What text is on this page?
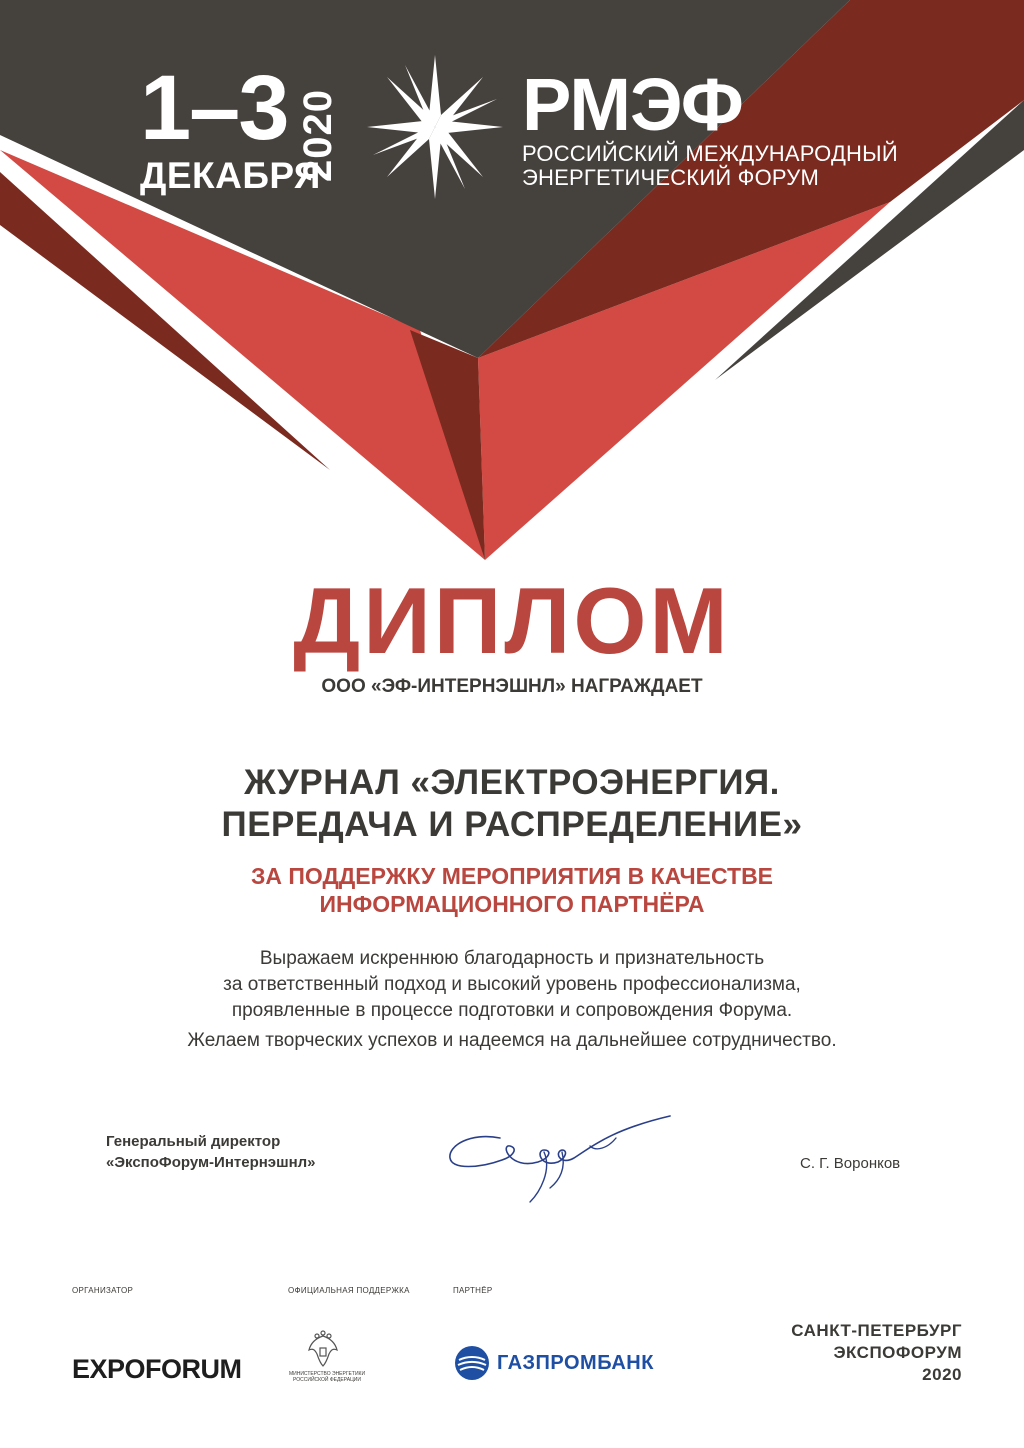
1–3
ДЕКАБРЯ
2020 РМЭФ
РОССИЙСКИЙ МЕЖДУНАРОДНЫЙ
ЭНЕРГЕТИЧЕСКИЙ ФОРУМ
ДИПЛОМ
ООО «ЭФ-ИНТЕРНЭШНЛ» НАГРАЖДАЕТ
ЖУРНАЛ «ЭЛЕКТРОЭНЕРГИЯ.
ПЕРЕДАЧА И РАСПРЕДЕЛЕНИЕ»
ЗА ПОДДЕРЖКУ МЕРОПРИЯТИЯ В КАЧЕСТВЕ
ИНФОРМАЦИОННОГО ПАРТНЁРА
Выражаем искреннюю благодарность и признательность
за ответственный подход и высокий уровень профессионализма,
проявленные в процессе подготовки и сопровождения Форума.
Желаем творческих успехов и надеемся на дальнейшее сотрудничество.
Генеральный директор
«ЭкспоФорум-Интернэшнл»	С. Г. Воронков
ОРГАНИЗАТОР	ОФИЦИАЛЬНАЯ ПОДДЕРЖКА	ПАРТНЁР
EXPOFORUM	МИНИСТЕРСТВО ЭНЕРГЕТИКИ
РОССИЙСКОЙ ФЕДЕРАЦИИ
ГАЗПРОМБАНК
САНКТ-ПЕТЕРБУРГ
ЭКСПОФОРУМ
2020
